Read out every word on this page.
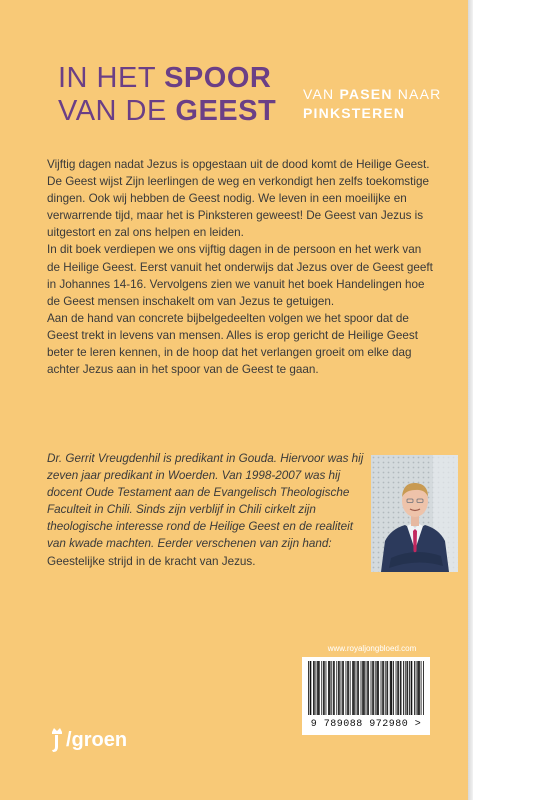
IN HET SPOOR
VAN DE GEEST
VAN PASEN NAAR
PINKSTEREN

Vijftig dagen nadat Jezus is opgestaan uit de dood komt de Heilige Geest. De Geest wijst Zijn leerlingen de weg en verkondigt hen zelfs toekomstige dingen. Ook wij hebben de Geest nodig. We leven in een moeilijke en verwarrende tijd, maar het is Pinksteren geweest! De Geest van Jezus is uitgestort en zal ons helpen en leiden.

In dit boek verdiepen we ons vijftig dagen in de persoon en het werk van de Heilige Geest. Eerst vanuit het onderwijs dat Jezus over de Geest geeft in Johannes 14-16. Vervolgens zien we vanuit het boek Handelingen hoe de Geest mensen inschakelt om van Jezus te getuigen.

Aan de hand van concrete bijbelgedeelten volgen we het spoor dat de Geest trekt in levens van mensen. Alles is erop gericht de Heilige Geest beter te leren kennen, in de hoop dat het verlangen groeit om elke dag achter Jezus aan in het spoor van de Geest te gaan.

Dr. Gerrit Vreugdenhil is predikant in Gouda. Hiervoor was hij zeven jaar predikant in Woerden. Van 1998-2007 was hij docent Oude Testament aan de Evangelisch Theologische Faculteit in Chili. Sinds zijn verblijf in Chili cirkelt zijn theologische interesse rond de Heilige Geest en de realiteit van kwade machten. Eerder verschenen van zijn hand: Geestelijke strijd in de kracht van Jezus.
www.royaljongbloed.com
9 789088 972980 >
/groen
